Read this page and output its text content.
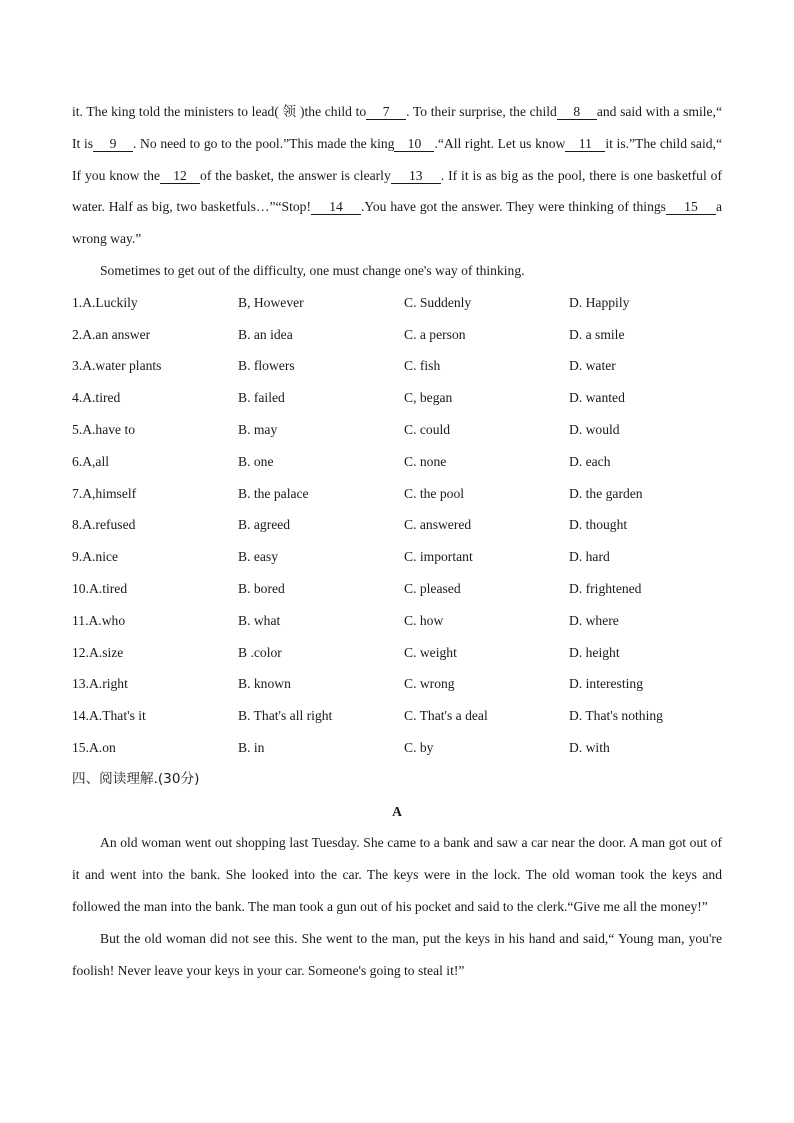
it. The king told the ministers to lead( 领 )the child to 7 . To their surprise, the child 8 and said with a smile,“ It is 9 . No need to go to the pool.”This made the king 10 .“All right. Let us know 11 it is.”The child said,“ If you know the 12 of the basket, the answer is clearly 13 . If it is as big as the pool, there is one basketful of water. Half as big, two basketfuls…”“Stop! 14 .You have got the answer. They were thinking of things 15 a wrong way.”

Sometimes to get out of the difficulty, one must change one's way of thinking.

1.A.Luckily	B, However	C. Suddenly	D. Happily
2.A.an answer	B. an idea	C. a person	D. a smile
3.A.water plants	B. flowers	C. fish	D. water
4.A.tired	B. failed	C, began	D. wanted
5.A.have to	B. may	C. could	D. would
6.A,all	B. one	C. none	D. each
7.A,himself	B. the palace	C. the pool	D. the garden
8.A.refused	B. agreed	C. answered	D. thought
9.A.nice	B. easy	C. important	D. hard
10.A.tired	B. bored	C. pleased	D. frightened
11.A.who	B. what	C. how	D. where
12.A.size	B .color	C. weight	D. height
13.A.right	B. known	C. wrong	D. interesting
14.A.That's it	B. That's all right	C. That's a deal	D. That's nothing
15.A.on	B. in	C. by	D. with

四、阅读理解.(30分)

A

An old woman went out shopping last Tuesday. She came to a bank and saw a car near the door. A man got out of it and went into the bank. She looked into the car. The keys were in the lock. The old woman took the keys and followed the man into the bank. The man took a gun out of his pocket and said to the clerk.“Give me all the money!”

But the old woman did not see this. She went to the man, put the keys in his hand and said,“ Young man, you're foolish! Never leave your keys in your car. Someone's going to steal it!”
